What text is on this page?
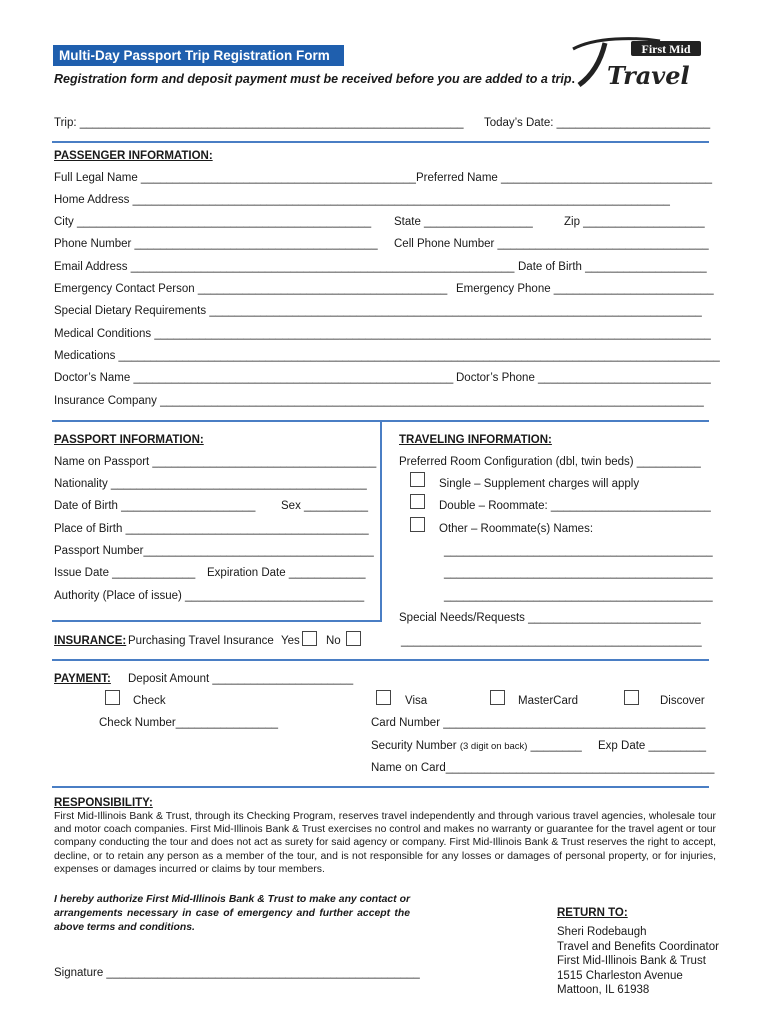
Multi-Day Passport Trip Registration Form
Registration form and deposit payment must be received before you are added to a trip.
First Mid
Travel
Trip: ____________________________________________________________ Today’s Date: ________________________
PASSENGER INFORMATION:
Full Legal Name ___________________________________________ Preferred Name _________________________________
Home Address ____________________________________________________________________________________
City ______________________________________________ State _________________	Zip ___________________
Phone Number ______________________________________ Cell Phone Number _________________________________
Email Address ____________________________________________________________ Date of Birth ___________________
Emergency Contact Person _______________________________________ Emergency Phone _________________________
Special Dietary Requirements _____________________________________________________________________________
Medical Conditions _______________________________________________________________________________________
Medications ______________________________________________________________________________________________
Doctor’s Name __________________________________________________ Doctor’s Phone ___________________________
Insurance Company _____________________________________________________________________________________
PASSPORT INFORMATION:
Name on Passport ___________________________________
Nationality ________________________________________
Date of Birth _____________________ Sex __________
Place of Birth ______________________________________
Passport Number____________________________________
Issue Date _____________ Expiration Date ____________
Authority (Place of issue) ____________________________
TRAVELING INFORMATION:
Preferred Room Configuration (dbl, twin beds) __________
Single – Supplement charges will apply
Double – Roommate: _________________________
Other – Roommate(s) Names:
__________________________________________
__________________________________________
__________________________________________
Special Needs/Requests ___________________________
_______________________________________________
INSURANCE: Purchasing Travel Insurance Yes No
PAYMENT: Deposit Amount ______________________
Check	Visa	MasterCard	Discover
Check Number________________	Card Number _________________________________________
Security Number (3 digit on back) ________ Exp Date _________
Name on Card__________________________________________
RESPONSIBILITY:
First Mid-Illinois Bank & Trust, through its Checking Program, reserves travel independently and through various travel agencies, wholesale tour and motor coach companies. First Mid-Illinois Bank & Trust exercises no control and makes no warranty or guarantee for the travel agent or tour company conducting the tour and does not act as surety for said agency or company. First Mid-Illinois Bank & Trust reserves the right to accept, decline, or to retain any person as a member of the tour, and is not responsible for any losses or damages of personal property, or for injuries, expenses or damages incurred or claims by tour members.
I hereby authorize First Mid-Illinois Bank & Trust to make any contact or arrangements necessary in case of emergency and further accept the above terms and conditions.
Signature _________________________________________________
RETURN TO:
Sheri Rodebaugh
Travel and Benefits Coordinator
First Mid-Illinois Bank & Trust
1515 Charleston Avenue
Mattoon, IL 61938
